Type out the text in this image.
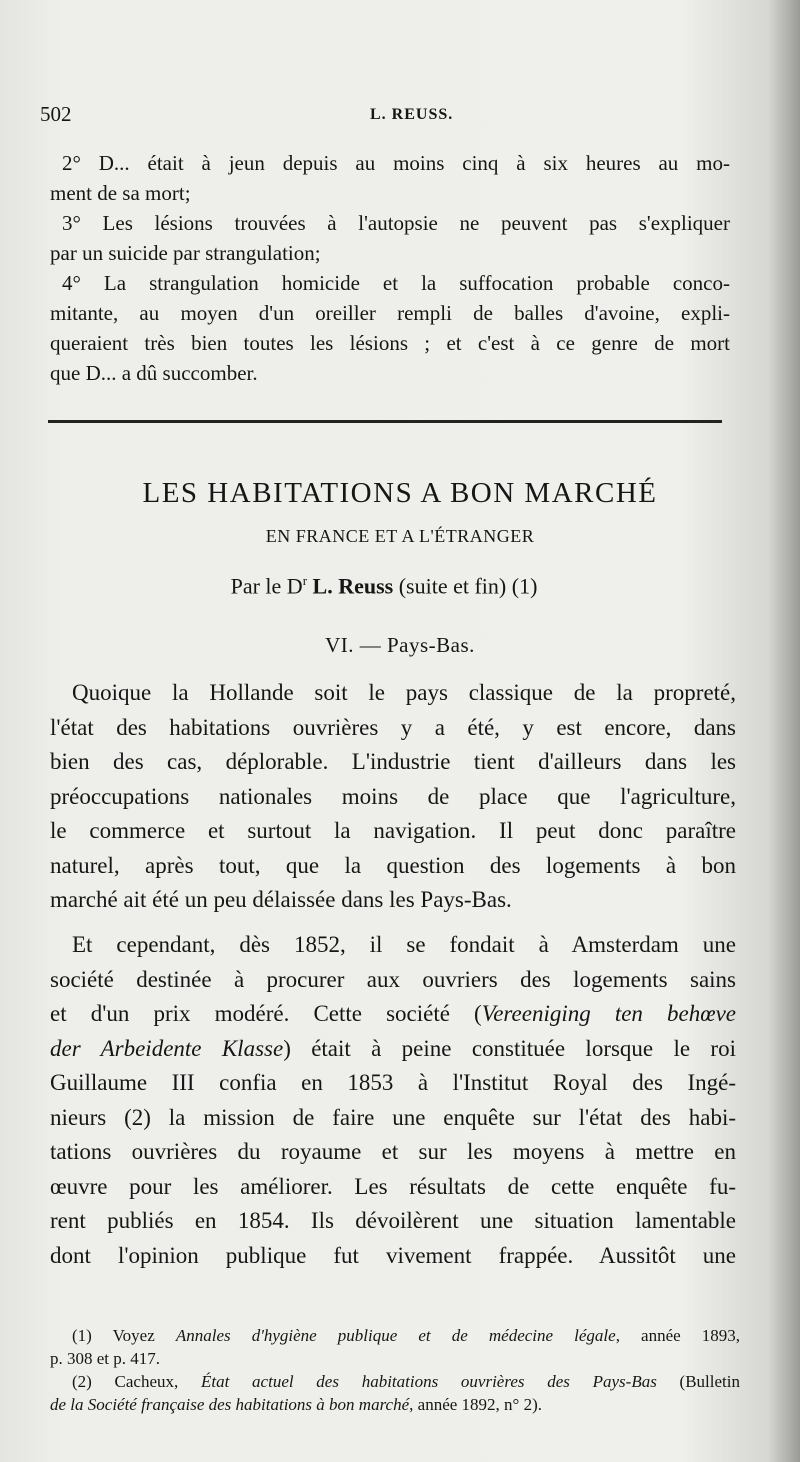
502	L. REUSS.
2° D... était à jeun depuis au moins cinq à six heures au mo-
ment de sa mort;
3° Les lésions trouvées à l'autopsie ne peuvent pas s'expliquer
par un suicide par strangulation;
4° La strangulation homicide et la suffocation probable conco-
mitante, au moyen d'un oreiller rempli de balles d'avoine, expli-
queraient très bien toutes les lésions ; et c'est à ce genre de mort
que D... a dû succomber.
LES HABITATIONS A BON MARCHÉ
EN FRANCE ET A L'ÉTRANGER
Par le $D^r$ L. Reuss (suite et fin) (1)
VI. — Pays-Bas.
Quoique la Hollande soit le pays classique de la propreté,
l'état des habitations ouvrières y a été, y est encore, dans
bien des cas, déplorable. L'industrie tient d'ailleurs dans les
préoccupations nationales moins de place que l'agriculture,
le commerce et surtout la navigation. Il peut donc paraître
naturel, après tout, que la question des logements à bon
marché ait été un peu délaissée dans les Pays-Bas.
Et cependant, dès 1852, il se fondait à Amsterdam une
société destinée à procurer aux ouvriers des logements sains
et d'un prix modéré. Cette société (Vereeniging ten behœve
der Arbeidente Klasse) était à peine constituée lorsque le roi
Guillaume III confia en 1853 à l'Institut Royal des Ingé-
nieurs (2) la mission de faire une enquête sur l'état des habi-
tations ouvrières du royaume et sur les moyens à mettre en
œuvre pour les améliorer. Les résultats de cette enquête fu-
rent publiés en 1854. Ils dévoilèrent une situation lamentable
dont l'opinion publique fut vivement frappée. Aussitôt une
(1) Voyez Annales d'hygiène publique et de médecine légale, année 1893,
p. 308 et p. 417.
(2) Cacheux, État actuel des habitations ouvrières des Pays-Bas (Bulletin
de la Société française des habitations à bon marché, année 1892, n° 2).
